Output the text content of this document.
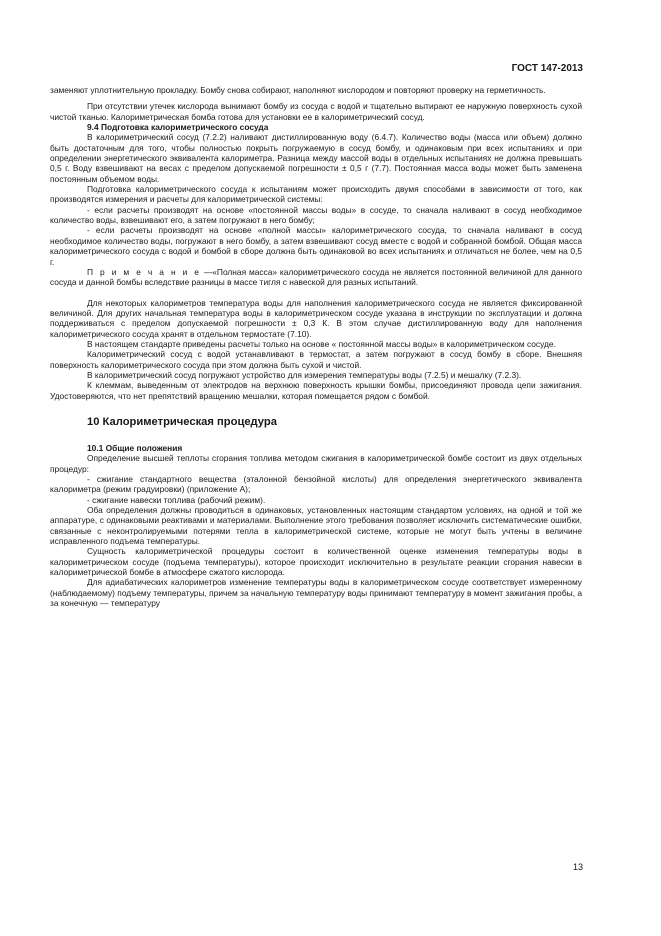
ГОСТ 147-2013

заменяют уплотнительную прокладку. Бомбу снова собирают, наполняют кислородом и повторяют проверку на герметичность.

При отсутствии утечек кислорода вынимают бомбу из сосуда с водой и тщательно вытирают ее наружную поверхность сухой чистой тканью. Калориметрическая бомба готова для установки ее в калориметрический сосуд.

9.4 Подготовка калориметрического сосуда

В калориметрический сосуд (7.2.2) наливают дистиллированную воду (6.4.7). Количество воды (масса или объем) должно быть достаточным для того, чтобы полностью покрыть погружаемую в сосуд бомбу, и одинаковым при всех испытаниях и при определении энергетического эквивалента калориметра. Разница между массой воды в отдельных испытаниях не должна превышать 0,5 г. Воду взвешивают на весах с пределом допускаемой погрешности ± 0,5 г (7.7). Постоянная масса воды может быть заменена постоянным объемом воды.

Подготовка калориметрического сосуда к испытаниям может происходить двумя способами в зависимости от того, как производятся измерения и расчеты для калориметрической системы:

- если расчеты производят на основе «постоянной массы воды» в сосуде, то сначала наливают в сосуд необходимое количество воды, взвешивают его, а затем погружают в него бомбу;

- если расчеты производят на основе «полной массы» калориметрического сосуда, то сначала наливают в сосуд необходимое количество воды, погружают в него бомбу, а затем взвешивают сосуд вместе с водой и собранной бомбой. Общая масса калориметрического сосуда с водой и бомбой в сборе должна быть одинаковой во всех испытаниях и отличаться не более, чем на 0,5 г.

П р и м е ч а н и е —«Полная масса» калориметрического сосуда не является постоянной величиной для данного сосуда и данной бомбы вследствие разницы в массе тигля с навеской для разных испытаний.

Для некоторых калориметров температура воды для наполнения калориметрического сосуда не является фиксированной величиной. Для других начальная температура воды в калориметрическом сосуде указана в инструкции по эксплуатации и должна поддерживаться с пределом допускаемой погрешности ± 0,3 К. В этом случае дистиллированную воду для наполнения калориметрического сосуда хранят в отдельном термостате (7.10).

В настоящем стандарте приведены расчеты только на основе « постоянной массы воды» в калориметрическом сосуде.

Калориметрический сосуд с водой устанавливают в термостат, а затем погружают в сосуд бомбу в сборе. Внешняя поверхность калориметрического сосуда при этом должна быть сухой и чистой.

В калориметрический сосуд погружают устройство для измерения температуры воды (7.2.5) и мешалку (7.2.3).

К клеммам, выведенным от электродов на верхнюю поверхность крышки бомбы, присоединяют провода цепи зажигания. Удостоверяются, что нет препятствий вращению мешалки, которая помещается рядом с бомбой.

10 Калориметрическая процедура

10.1 Общие положения

Определение высшей теплоты сгорания топлива методом сжигания в калориметрической бомбе состоит из двух отдельных процедур:

- сжигание стандартного вещества (эталонной бензойной кислоты) для определения энергетического эквивалента калориметра (режим градуировки) (приложение А);

- сжигание навески топлива (рабочий режим).

Оба определения должны проводиться в одинаковых, установленных настоящим стандартом условиях, на одной и той же аппаратуре, с одинаковыми реактивами и материалами. Выполнение этого требования позволяет исключить систематические ошибки, связанные с неконтролируемыми потерями тепла в калориметрической системе, которые не могут быть учтены в величине исправленного подъема температуры.

Сущность калориметрической процедуры состоит в количественной оценке изменения температуры воды в калориметрическом сосуде (подъема температуры), которое происходит исключительно в результате реакции сгорания навески в калориметрической бомбе в атмосфере сжатого кислорода.

Для адиабатических калориметров изменение температуры воды в калориметрическом сосуде соответствует измеренному (наблюдаемому) подъему температуры, причем за начальную температуру воды принимают температуру в момент зажигания пробы, а за конечную — температуру

13
